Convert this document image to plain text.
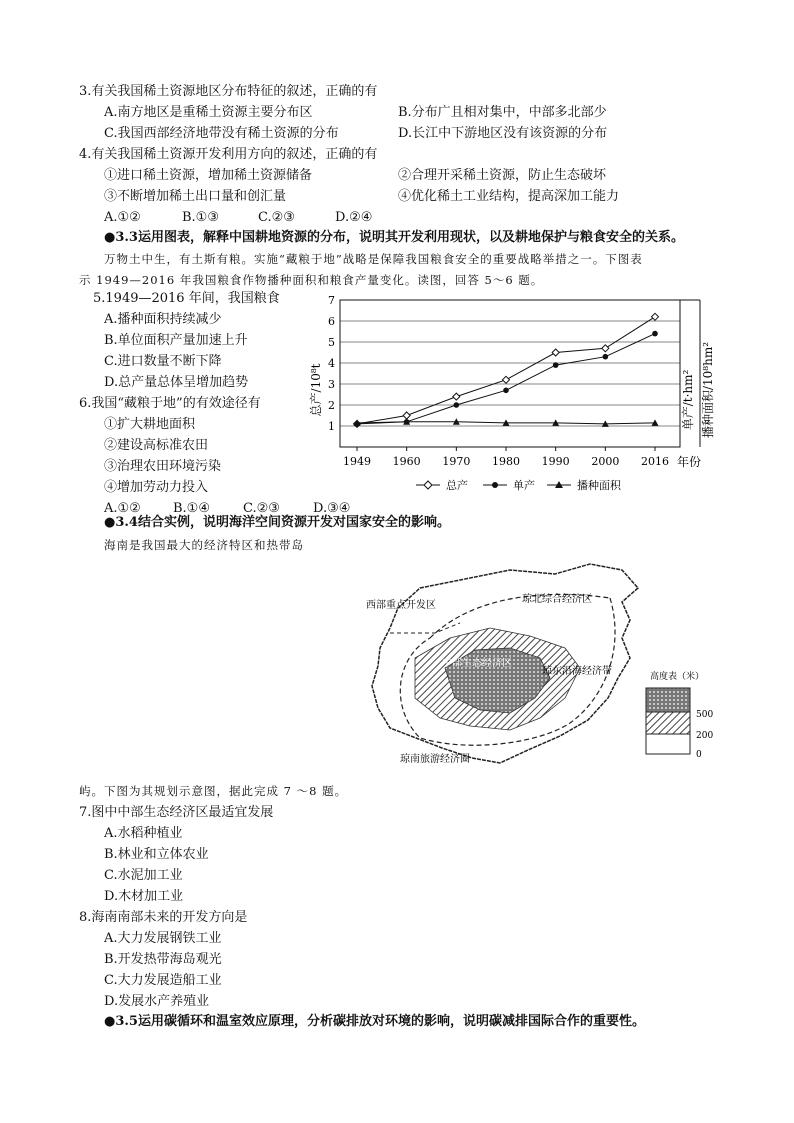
3.有关我国稀土资源地区分布特征的叙述，正确的有
A.南方地区是重稀土资源主要分布区	B.分布广且相对集中，中部多北部少
C.我国西部经济地带没有稀土资源的分布	D.长江中下游地区没有该资源的分布
4.有关我国稀土资源开发利用方向的叙述，正确的有
①进口稀土资源，增加稀土资源储备	②合理开采稀土资源，防止生态破坏
③不断增加稀土出口量和创汇量	④优化稀土工业结构，提高深加工能力
A.①②	B.①③	C.②③	D.②④
●3.3运用图表，解释中国耕地资源的分布，说明其开发利用现状，以及耕地保护与粮食安全的关系。
万物土中生，有土斯有粮。实施“藏粮于地”战略是保障我国粮食安全的重要战略举措之一。下图表
示 1949—2016 年我国粮食作物播种面积和粮食产量变化。读图，回答 5～6 题。
5.1949—2016 年间，我国粮食
A.播种面积持续减少
B.单位面积产量加速上升
C.进口数量不断下降
D.总产量总体呈增加趋势
6.我国“藏粮于地”的有效途径有
①扩大耕地面积
②建设高标准农田
③治理农田环境污染
④增加劳动力投入
A.①② B.①④	C.②③	D.③④
总产/10⁸t	单产/t·hm² 播种面积/10⁸hm²
年份
1
2
3
4
5
6
7
1949 1960 1970 1980 1990 2000 2016
总产	单产	播种面积
●3.4结合实例，说明海洋空间资源开发对国家安全的影响。
海南是我国最大的经济特区和热带岛
西部重点开发区
琼北综合经济区
中部生态经济区
琼东沿海经济带
琼南旅游经济圈
高度表（米）
500
200
0
屿。下图为其规划示意图，据此完成 7 ～8 题。
7.图中中部生态经济区最适宜发展
A.水稻种植业
B.林业和立体农业
C.水泥加工业
D.木材加工业
8.海南南部未来的开发方向是
A.大力发展钢铁工业
B.开发热带海岛观光
C.大力发展造船工业
D.发展水产养殖业
●3.5运用碳循环和温室效应原理，分析碳排放对环境的影响，说明碳减排国际合作的重要性。
